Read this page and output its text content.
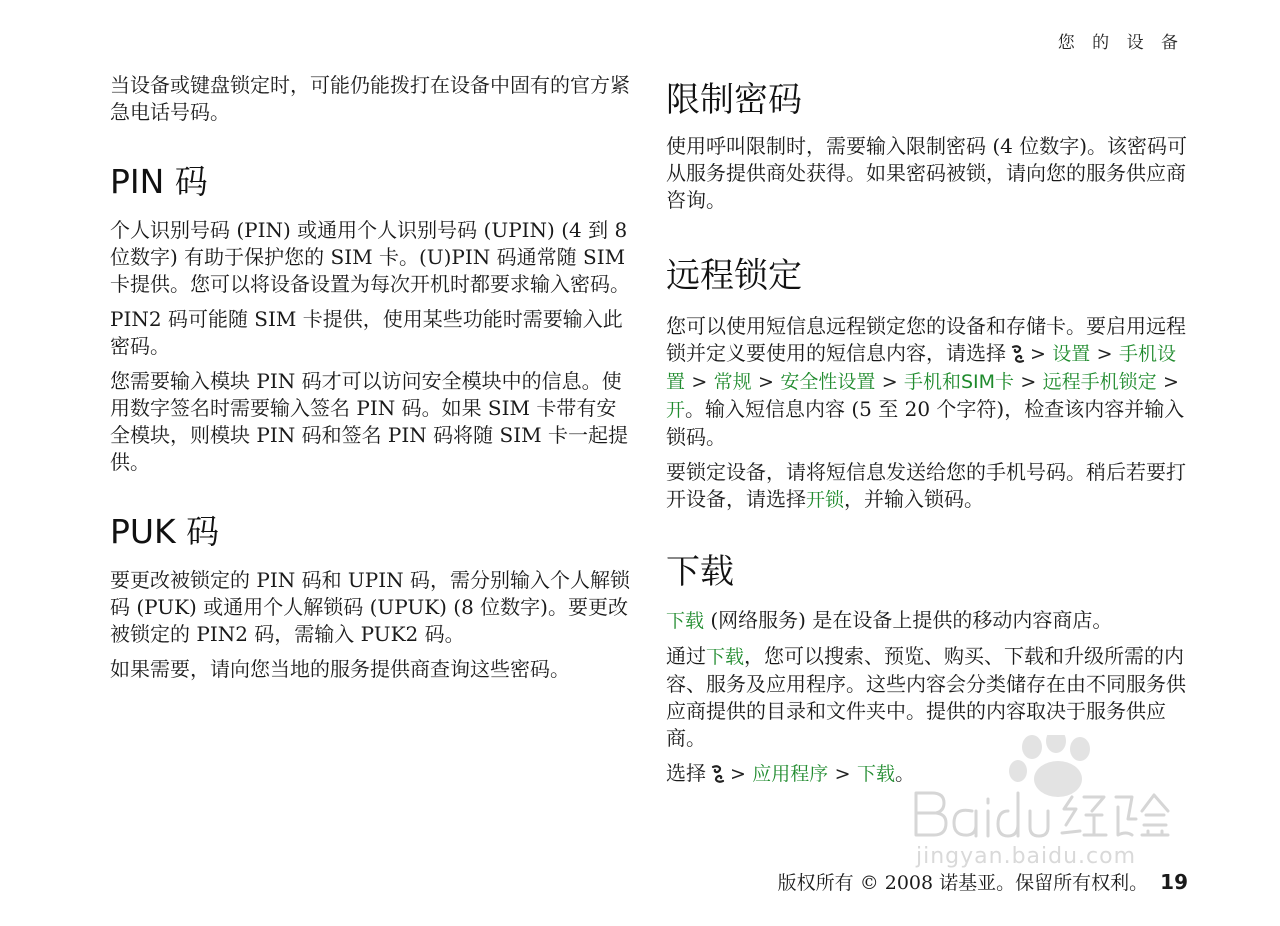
您 的 设 备

当设备或键盘锁定时，可能仍能拨打在设备中固有的官方紧急电话号码。

PIN 码

个人识别号码 (PIN) 或通用个人识别号码 (UPIN) (4 到 8 位数字) 有助于保护您的 SIM 卡。(U)PIN 码通常随 SIM 卡提供。您可以将设备设置为每次开机时都要求输入密码。

PIN2 码可能随 SIM 卡提供，使用某些功能时需要输入此密码。

您需要输入模块 PIN 码才可以访问安全模块中的信息。使用数字签名时需要输入签名 PIN 码。如果 SIM 卡带有安全模块，则模块 PIN 码和签名 PIN 码将随 SIM 卡一起提供。

PUK 码

要更改被锁定的 PIN 码和 UPIN 码，需分别输入个人解锁码 (PUK) 或通用个人解锁码 (UPUK) (8 位数字)。要更改被锁定的 PIN2 码，需输入 PUK2 码。

如果需要，请向您当地的服务提供商查询这些密码。

限制密码

使用呼叫限制时，需要输入限制密码 (4 位数字)。该密码可从服务提供商处获得。如果密码被锁，请向您的服务供应商咨询。

远程锁定

您可以使用短信息远程锁定您的设备和存储卡。要启用远程锁并定义要使用的短信息内容，请选择 > 设置 > 手机设置 > 常规 > 安全性设置 > 手机和SIM卡 > 远程手机锁定 > 开。输入短信息内容 (5 至 20 个字符)，检查该内容并输入锁码。

要锁定设备，请将短信息发送给您的手机号码。稍后若要打开设备，请选择开锁，并输入锁码。

下载

下载 (网络服务) 是在设备上提供的移动内容商店。

通过下载，您可以搜索、预览、购买、下载和升级所需的内容、服务及应用程序。这些内容会分类储存在由不同服务供应商提供的目录和文件夹中。提供的内容取决于服务供应商。

选择 > 应用程序 > 下载。

jingyan.baidu.com
版权所有 © 2008 诺基亚。保留所有权利。 19
